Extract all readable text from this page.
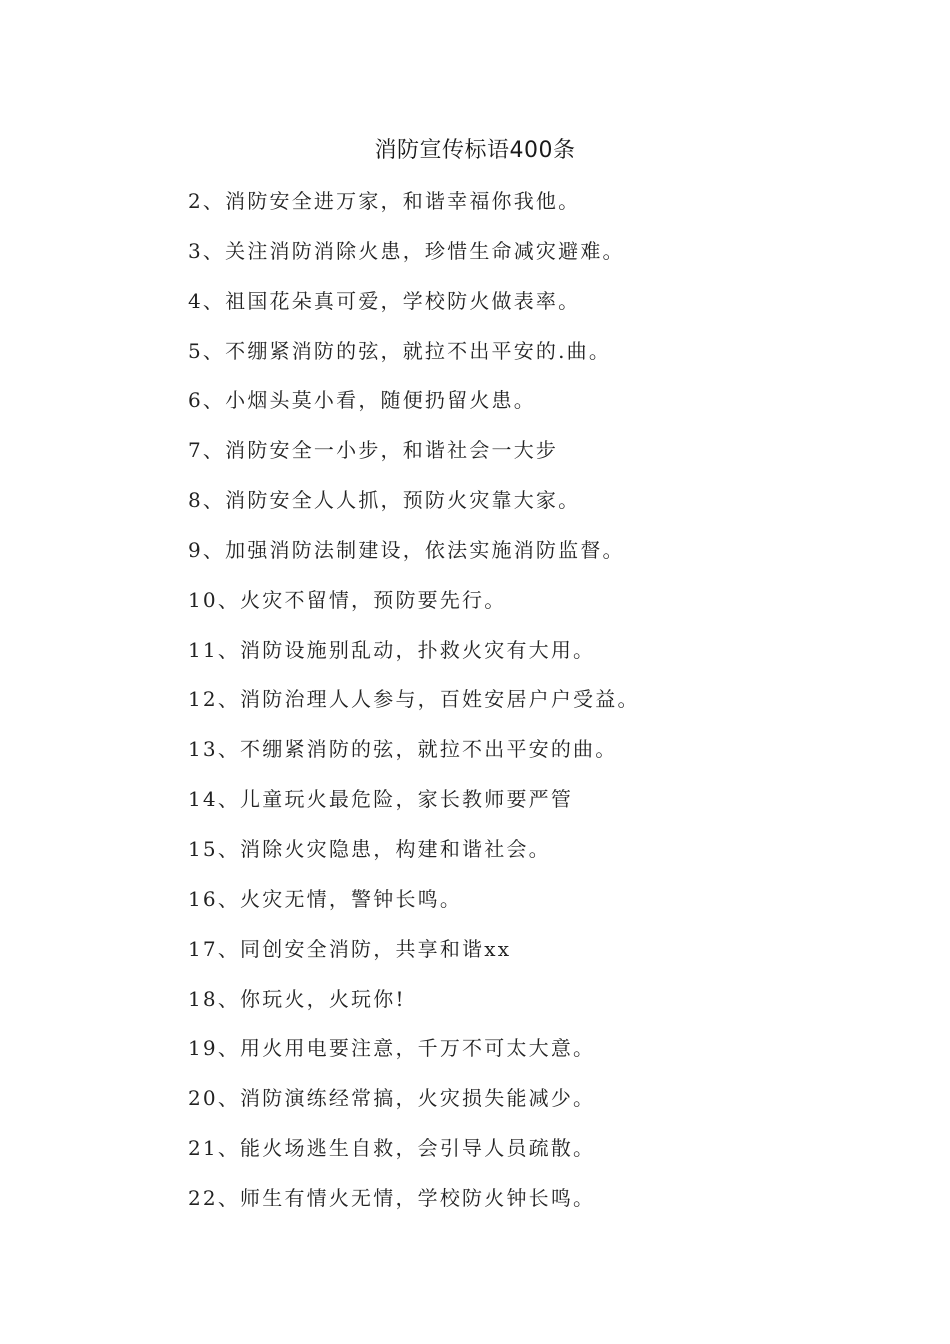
消防宣传标语400条
2、消防安全进万家，和谐幸福你我他。
3、关注消防消除火患，珍惜生命减灾避难。
4、祖国花朵真可爱，学校防火做表率。
5、不绷紧消防的弦，就拉不出平安的.曲。
6、小烟头莫小看，随便扔留火患。
7、消防安全一小步，和谐社会一大步
8、消防安全人人抓，预防火灾靠大家。
9、加强消防法制建设，依法实施消防监督。
10、火灾不留情，预防要先行。
11、消防设施别乱动，扑救火灾有大用。
12、消防治理人人参与，百姓安居户户受益。
13、不绷紧消防的弦，就拉不出平安的曲。
14、儿童玩火最危险，家长教师要严管
15、消除火灾隐患，构建和谐社会。
16、火灾无情，警钟长鸣。
17、同创安全消防，共享和谐xx
18、你玩火，火玩你!
19、用火用电要注意，千万不可太大意。
20、消防演练经常搞，火灾损失能减少。
21、能火场逃生自救，会引导人员疏散。
22、师生有情火无情，学校防火钟长鸣。
